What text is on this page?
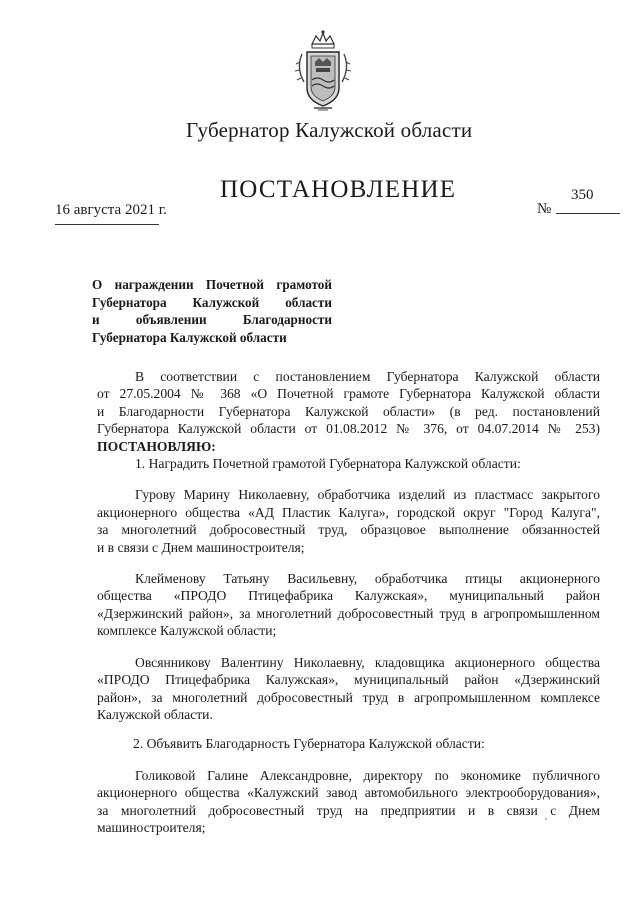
Губернатор Калужской области
ПОСТАНОВЛЕНИЕ
16 августа 2021 г.	№
350
О награждении Почетной грамотой
Губернатора Калужской области
и объявлении Благодарности
Губернатора Калужской области
В соответствии с постановлением Губернатора Калужской области
от 27.05.2004 № 368 «О Почетной грамоте Губернатора Калужской области
и Благодарности Губернатора Калужской области» (в ред. постановлений
Губернатора Калужской области от 01.08.2012 № 376, от 04.07.2014 № 253)
ПОСТАНОВЛЯЮ:
1. Наградить Почетной грамотой Губернатора Калужской области:
Гурову Марину Николаевну, обработчика изделий из пластмасс закрытого
акционерного общества «АД Пластик Калуга», городской округ "Город Калуга",
за многолетний добросовестный труд, образцовое выполнение обязанностей
и в связи с Днем машиностроителя;
Клейменову Татьяну Васильевну, обработчика птицы акционерного
общества «ПРОДО Птицефабрика Калужская», муниципальный район
«Дзержинский район», за многолетний добросовестный труд в агропромышленном
комплексе Калужской области;
Овсянникову Валентину Николаевну, кладовщика акционерного общества
«ПРОДО Птицефабрика Калужская», муниципальный район «Дзержинский
район», за многолетний добросовестный труд в агропромышленном комплексе
Калужской области.
2. Объявить Благодарность Губернатора Калужской области:
Голиковой Галине Александровне, директору по экономике публичного
акционерного общества «Калужский завод автомобильного электрооборудования»,
за многолетний добросовестный труд на предприятии и в связи с Днем
машиностроителя;
